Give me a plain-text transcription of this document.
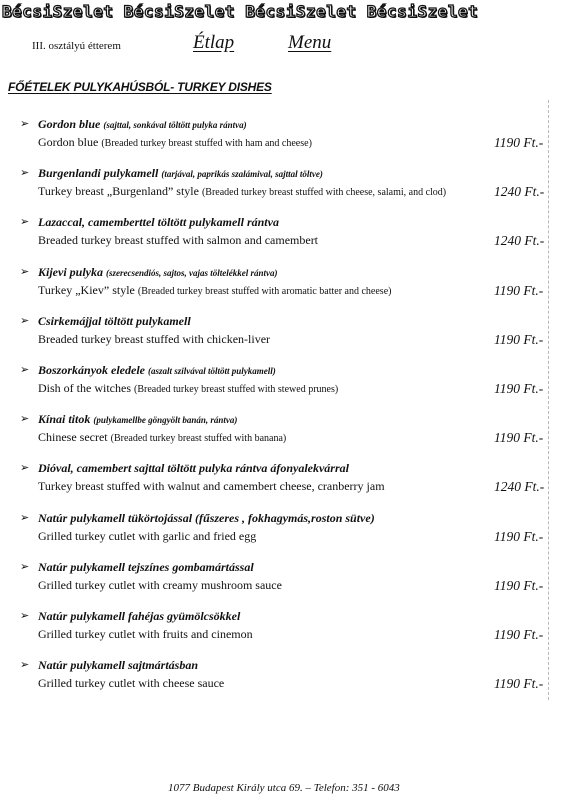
BécsiSzelet BécsiSzelet BécsiSzelet BécsiSzelet
III. osztályú étterem	Étlap	Menu
FŐÉTELEK PULYKAHÚSBÓL- TURKEY DISHES
➢ Gordon blue (sajttal, sonkával töltött pulyka rántva)
Gordon blue (Breaded turkey breast stuffed with ham and cheese)	1190 Ft.-
➢ Burgenlandi pulykamell (tarjával, paprikás szalámival, sajttal töltve)
Turkey breast „Burgenland” style (Breaded turkey breast stuffed with cheese, salami, and clod)	1240 Ft.-
➢ Lazaccal, camemberttel töltött pulykamell rántva
Breaded turkey breast stuffed with salmon and camembert	1240 Ft.-
➢ Kijevi pulyka (szerecsendiós, sajtos, vajas töltelékkel rántva)
Turkey „Kiev” style (Breaded turkey breast stuffed with aromatic batter and cheese)	1190 Ft.-
➢ Csirkemájjal töltött pulykamell
Breaded turkey breast stuffed with chicken-liver	1190 Ft.-
➢ Boszorkányok eledele (aszalt szilvával töltött pulykamell)
Dish of the witches (Breaded turkey breast stuffed with stewed prunes)	1190 Ft.-
➢ Kínai titok (pulykamellbe göngyölt banán, rántva)
Chinese secret (Breaded turkey breast stuffed with banana)	1190 Ft.-
➢ Dióval, camembert sajttal töltött pulyka rántva áfonyalekvárral
Turkey breast stuffed with walnut and camembert cheese, cranberry jam	1240 Ft.-
➢ Natúr pulykamell tükörtojással (fűszeres , fokhagymás,roston sütve)
Grilled turkey cutlet with garlic and fried egg	1190 Ft.-
➢ Natúr pulykamell tejszínes gombamártással
Grilled turkey cutlet with creamy mushroom sauce	1190 Ft.-
➢ Natúr pulykamell fahéjas gyümölcsökkel
Grilled turkey cutlet with fruits and cinemon	1190 Ft.-
➢ Natúr pulykamell sajtmártásban
Grilled turkey cutlet with cheese sauce	1190 Ft.-
1077 Budapest Király utca 69. – Telefon: 351 - 6043
